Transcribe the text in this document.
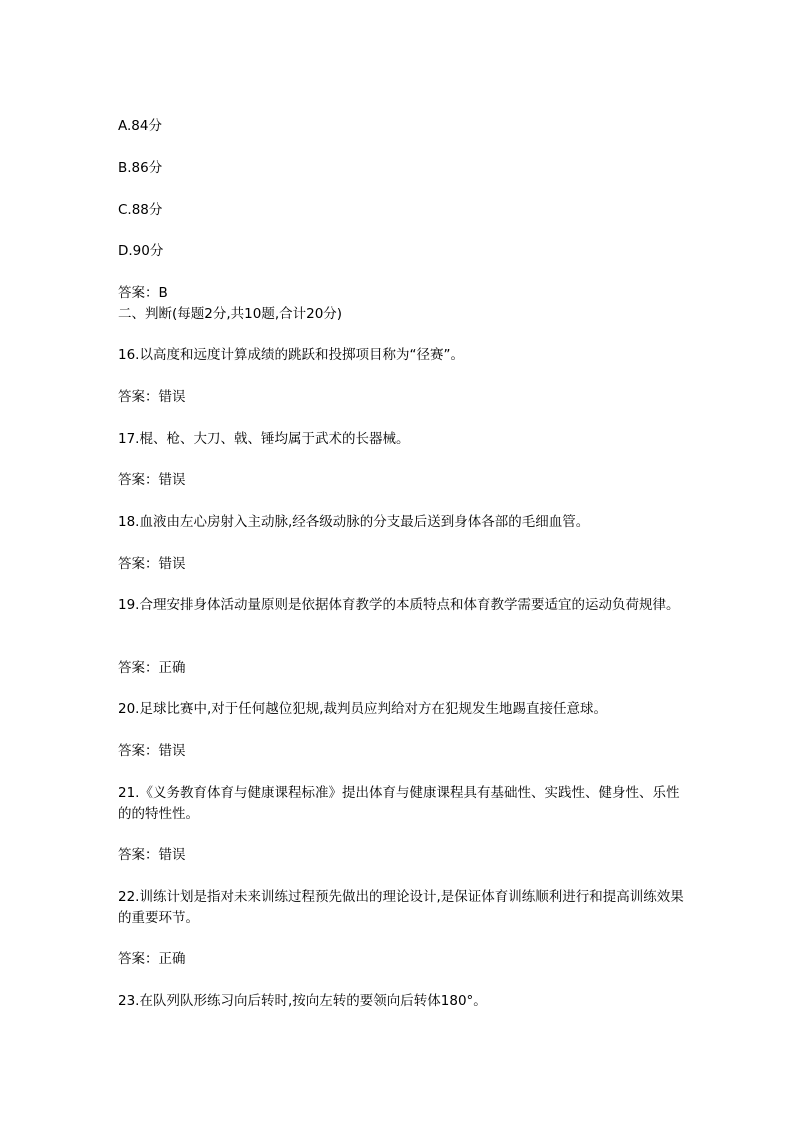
A.84分
B.86分
C.88分
D.90分
答案：B
二、判断(每题2分,共10题,合计20分)
16.以高度和远度计算成绩的跳跃和投掷项目称为“径赛”。
答案：错误
17.棍、枪、大刀、戟、锤均属于武术的长器械。
答案：错误
18.血液由左心房射入主动脉,经各级动脉的分支最后送到身体各部的毛细血管。
答案：错误
19.合理安排身体活动量原则是依据体育教学的本质特点和体育教学需要适宜的运动负荷规律。
答案：正确
20.足球比赛中,对于任何越位犯规,裁判员应判给对方在犯规发生地踢直接任意球。
答案：错误
21.《义务教育体育与健康课程标准》提出体育与健康课程具有基础性、实践性、健身性、乐性的的特性性。
答案：错误
22.训练计划是指对未来训练过程预先做出的理论设计,是保证体育训练顺利进行和提高训练效果的重要环节。
答案：正确
23.在队列队形练习向后转时,按向左转的要领向后转体180°。
